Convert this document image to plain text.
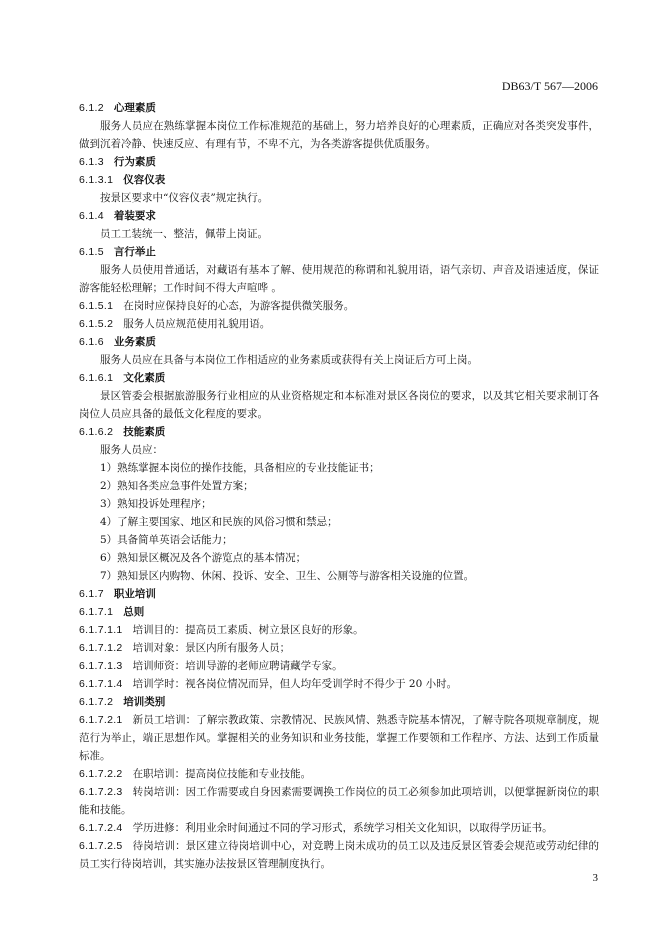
DB63/T 567—2006
6.1.2 心理素质

服务人员应在熟练掌握本岗位工作标准规范的基础上，努力培养良好的心理素质，正确应对各类突发事件，做到沉着冷静、快速反应、有理有节，不卑不亢，为各类游客提供优质服务。

6.1.3 行为素质
6.1.3.1 仪容仪表

按景区要求中“仪容仪表”规定执行。

6.1.4 着装要求

员工工装统一、整洁，佩带上岗证。

6.1.5 言行举止

服务人员使用普通话，对藏语有基本了解、使用规范的称谓和礼貌用语，语气亲切、声音及语速适度，保证游客能轻松理解；工作时间不得大声喧哗 。

6.1.5.1 在岗时应保持良好的心态，为游客提供微笑服务。
6.1.5.2 服务人员应规范使用礼貌用语。
6.1.6 业务素质

服务人员应在具备与本岗位工作相适应的业务素质或获得有关上岗证后方可上岗。

6.1.6.1 文化素质

景区管委会根据旅游服务行业相应的从业资格规定和本标准对景区各岗位的要求，以及其它相关要求制订各岗位人员应具备的最低文化程度的要求。

6.1.6.2 技能素质

服务人员应：

1）熟练掌握本岗位的操作技能，具备相应的专业技能证书；
2）熟知各类应急事件处置方案；
3）熟知投诉处理程序；
4）了解主要国家、地区和民族的风俗习惯和禁忌；
5）具备简单英语会话能力；
6）熟知景区概况及各个游览点的基本情况；
7）熟知景区内购物、休闲、投诉、安全、卫生、公厕等与游客相关设施的位置。
6.1.7 职业培训
6.1.7.1 总则
6.1.7.1.1 培训目的：提高员工素质、树立景区良好的形象。
6.1.7.1.2 培训对象：景区内所有服务人员；
6.1.7.1.3 培训师资：培训导游的老师应聘请藏学专家。
6.1.7.1.4 培训学时：视各岗位情况而异，但人均年受训学时不得少于 20 小时。
6.1.7.2 培训类别

6.1.7.2.1 新员工培训：了解宗教政策、宗教情况、民族风情、熟悉寺院基本情况，了解寺院各项规章制度，规范行为举止，端正思想作风。掌握相关的业务知识和业务技能，掌握工作要领和工作程序、方法、达到工作质量标准。

6.1.7.2.2 在职培训：提高岗位技能和专业技能。

6.1.7.2.3 转岗培训：因工作需要或自身因素需要调换工作岗位的员工必须参加此项培训，以便掌握新岗位的职能和技能。

6.1.7.2.4 学历进修：利用业余时间通过不同的学习形式，系统学习相关文化知识，以取得学历证书。

6.1.7.2.5 待岗培训：景区建立待岗培训中心，对竞聘上岗未成功的员工以及违反景区管委会规范或劳动纪律的员工实行待岗培训，其实施办法按景区管理制度执行。

3
